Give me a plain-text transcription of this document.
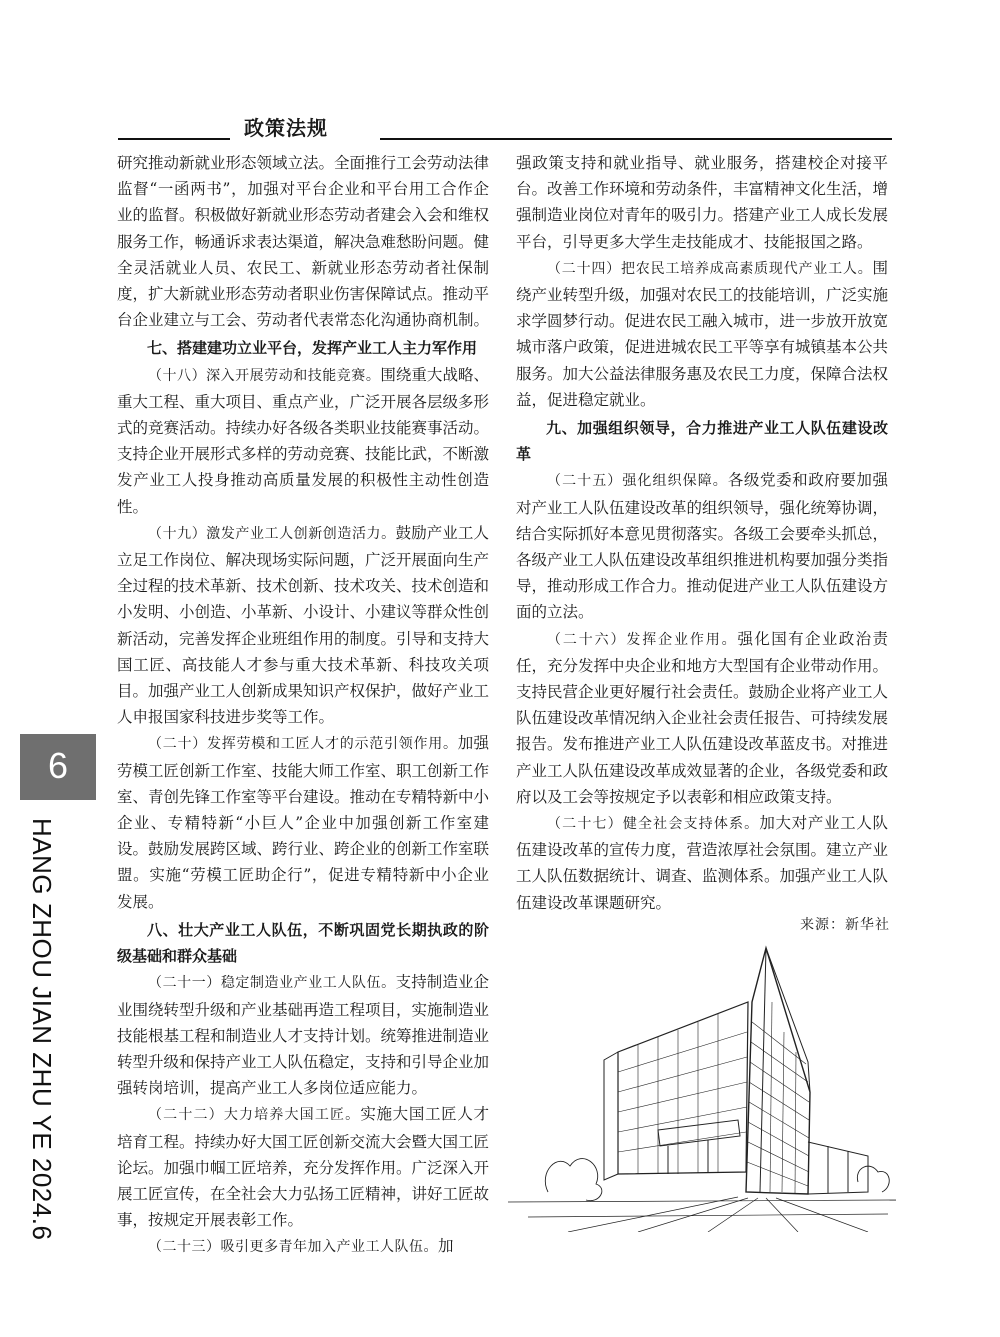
政策法规

研究推动新就业形态领域立法。全面推行工会劳动法律监督“一函两书”，加强对平台企业和平台用工合作企业的监督。积极做好新就业形态劳动者建会入会和维权服务工作，畅通诉求表达渠道，解决急难愁盼问题。健全灵活就业人员、农民工、新就业形态劳动者社保制度，扩大新就业形态劳动者职业伤害保障试点。推动平台企业建立与工会、劳动者代表常态化沟通协商机制。

七、搭建建功立业平台，发挥产业工人主力军作用

（十八）深入开展劳动和技能竞赛。围绕重大战略、重大工程、重大项目、重点产业，广泛开展各层级多形式的竞赛活动。持续办好各级各类职业技能赛事活动。支持企业开展形式多样的劳动竞赛、技能比武，不断激发产业工人投身推动高质量发展的积极性主动性创造性。

（十九）激发产业工人创新创造活力。鼓励产业工人立足工作岗位、解决现场实际问题，广泛开展面向生产全过程的技术革新、技术创新、技术攻关、技术创造和小发明、小创造、小革新、小设计、小建议等群众性创新活动，完善发挥企业班组作用的制度。引导和支持大国工匠、高技能人才参与重大技术革新、科技攻关项目。加强产业工人创新成果知识产权保护，做好产业工人申报国家科技进步奖等工作。

（二十）发挥劳模和工匠人才的示范引领作用。加强劳模工匠创新工作室、技能大师工作室、职工创新工作室、青创先锋工作室等平台建设。推动在专精特新中小企业、专精特新“小巨人”企业中加强创新工作室建设。鼓励发展跨区域、跨行业、跨企业的创新工作室联盟。实施“劳模工匠助企行”，促进专精特新中小企业发展。

八、壮大产业工人队伍，不断巩固党长期执政的阶级基础和群众基础

（二十一）稳定制造业产业工人队伍。支持制造业企业围绕转型升级和产业基础再造工程项目，实施制造业技能根基工程和制造业人才支持计划。统筹推进制造业转型升级和保持产业工人队伍稳定，支持和引导企业加强转岗培训，提高产业工人多岗位适应能力。

（二十二）大力培养大国工匠。实施大国工匠人才培育工程。持续办好大国工匠创新交流大会暨大国工匠论坛。加强巾帼工匠培养，充分发挥作用。广泛深入开展工匠宣传，在全社会大力弘扬工匠精神，讲好工匠故事，按规定开展表彰工作。

（二十三）吸引更多青年加入产业工人队伍。加

强政策支持和就业指导、就业服务，搭建校企对接平台。改善工作环境和劳动条件，丰富精神文化生活，增强制造业岗位对青年的吸引力。搭建产业工人成长发展平台，引导更多大学生走技能成才、技能报国之路。

（二十四）把农民工培养成高素质现代产业工人。围绕产业转型升级，加强对农民工的技能培训，广泛实施求学圆梦行动。促进农民工融入城市，进一步放开放宽城市落户政策，促进进城农民工平等享有城镇基本公共服务。加大公益法律服务惠及农民工力度，保障合法权益，促进稳定就业。

九、加强组织领导，合力推进产业工人队伍建设改革

（二十五）强化组织保障。各级党委和政府要加强对产业工人队伍建设改革的组织领导，强化统筹协调，结合实际抓好本意见贯彻落实。各级工会要牵头抓总，各级产业工人队伍建设改革组织推进机构要加强分类指导，推动形成工作合力。推动促进产业工人队伍建设方面的立法。

（二十六）发挥企业作用。强化国有企业政治责任，充分发挥中央企业和地方大型国有企业带动作用。支持民营企业更好履行社会责任。鼓励企业将产业工人队伍建设改革情况纳入企业社会责任报告、可持续发展报告。发布推进产业工人队伍建设改革蓝皮书。对推进产业工人队伍建设改革成效显著的企业，各级党委和政府以及工会等按规定予以表彰和相应政策支持。

（二十七）健全社会支持体系。加大对产业工人队伍建设改革的宣传力度，营造浓厚社会氛围。建立产业工人队伍数据统计、调查、监测体系。加强产业工人队伍建设改革课题研究。

来源：新华社
6
HANG ZHOU JIAN ZHU YE 2024.6
